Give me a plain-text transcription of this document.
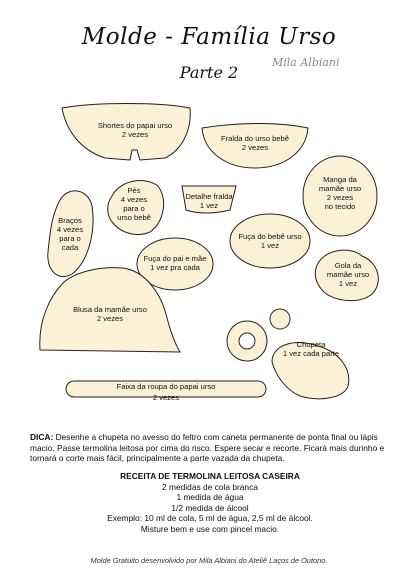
Molde - Família Urso
Parte 2
Mila Albiani
Shortes do papai urso
2 vezes	Fralda do urso bebê
2 vezes
Manga da
mamãe urso
2 vezes
no tecido
Pés
4 vezes
para o
urso bebê
Braços
4 vezes
para o
cada
Detalhe fralda
1 vez
Fuça do bebê urso
1 vez
Fuça do pai e mãe
1 vez pra cada	Gola da
mamãe urso
1 vez
Blusa da mamãe urso
2 vezes
Chupeta
1 vez cada parte
Faixa da roupa do papai urso
2 vezes
DICA: Desenhe a chupeta no avesso do feltro com caneta permanente de ponta final ou lápis macio. Passe termolina leitosa por cima do risco. Espere secar e recorte. Ficará mais durinho e tornará o corte mais fácil, principalmente a parte vazada da chupeta.
RECEITA DE TERMOLINA LEITOSA CASEIRA
2 medidas de cola branca
1 medida de água
1/2 medida de álcool
Exemplo: 10 ml de cola, 5 ml de água, 2,5 ml de álcool.
Misture bem e use com pincel macio.
Molde Gratuito desenvolvido por Mila Albiani do Ateliê Laços de Outono.
